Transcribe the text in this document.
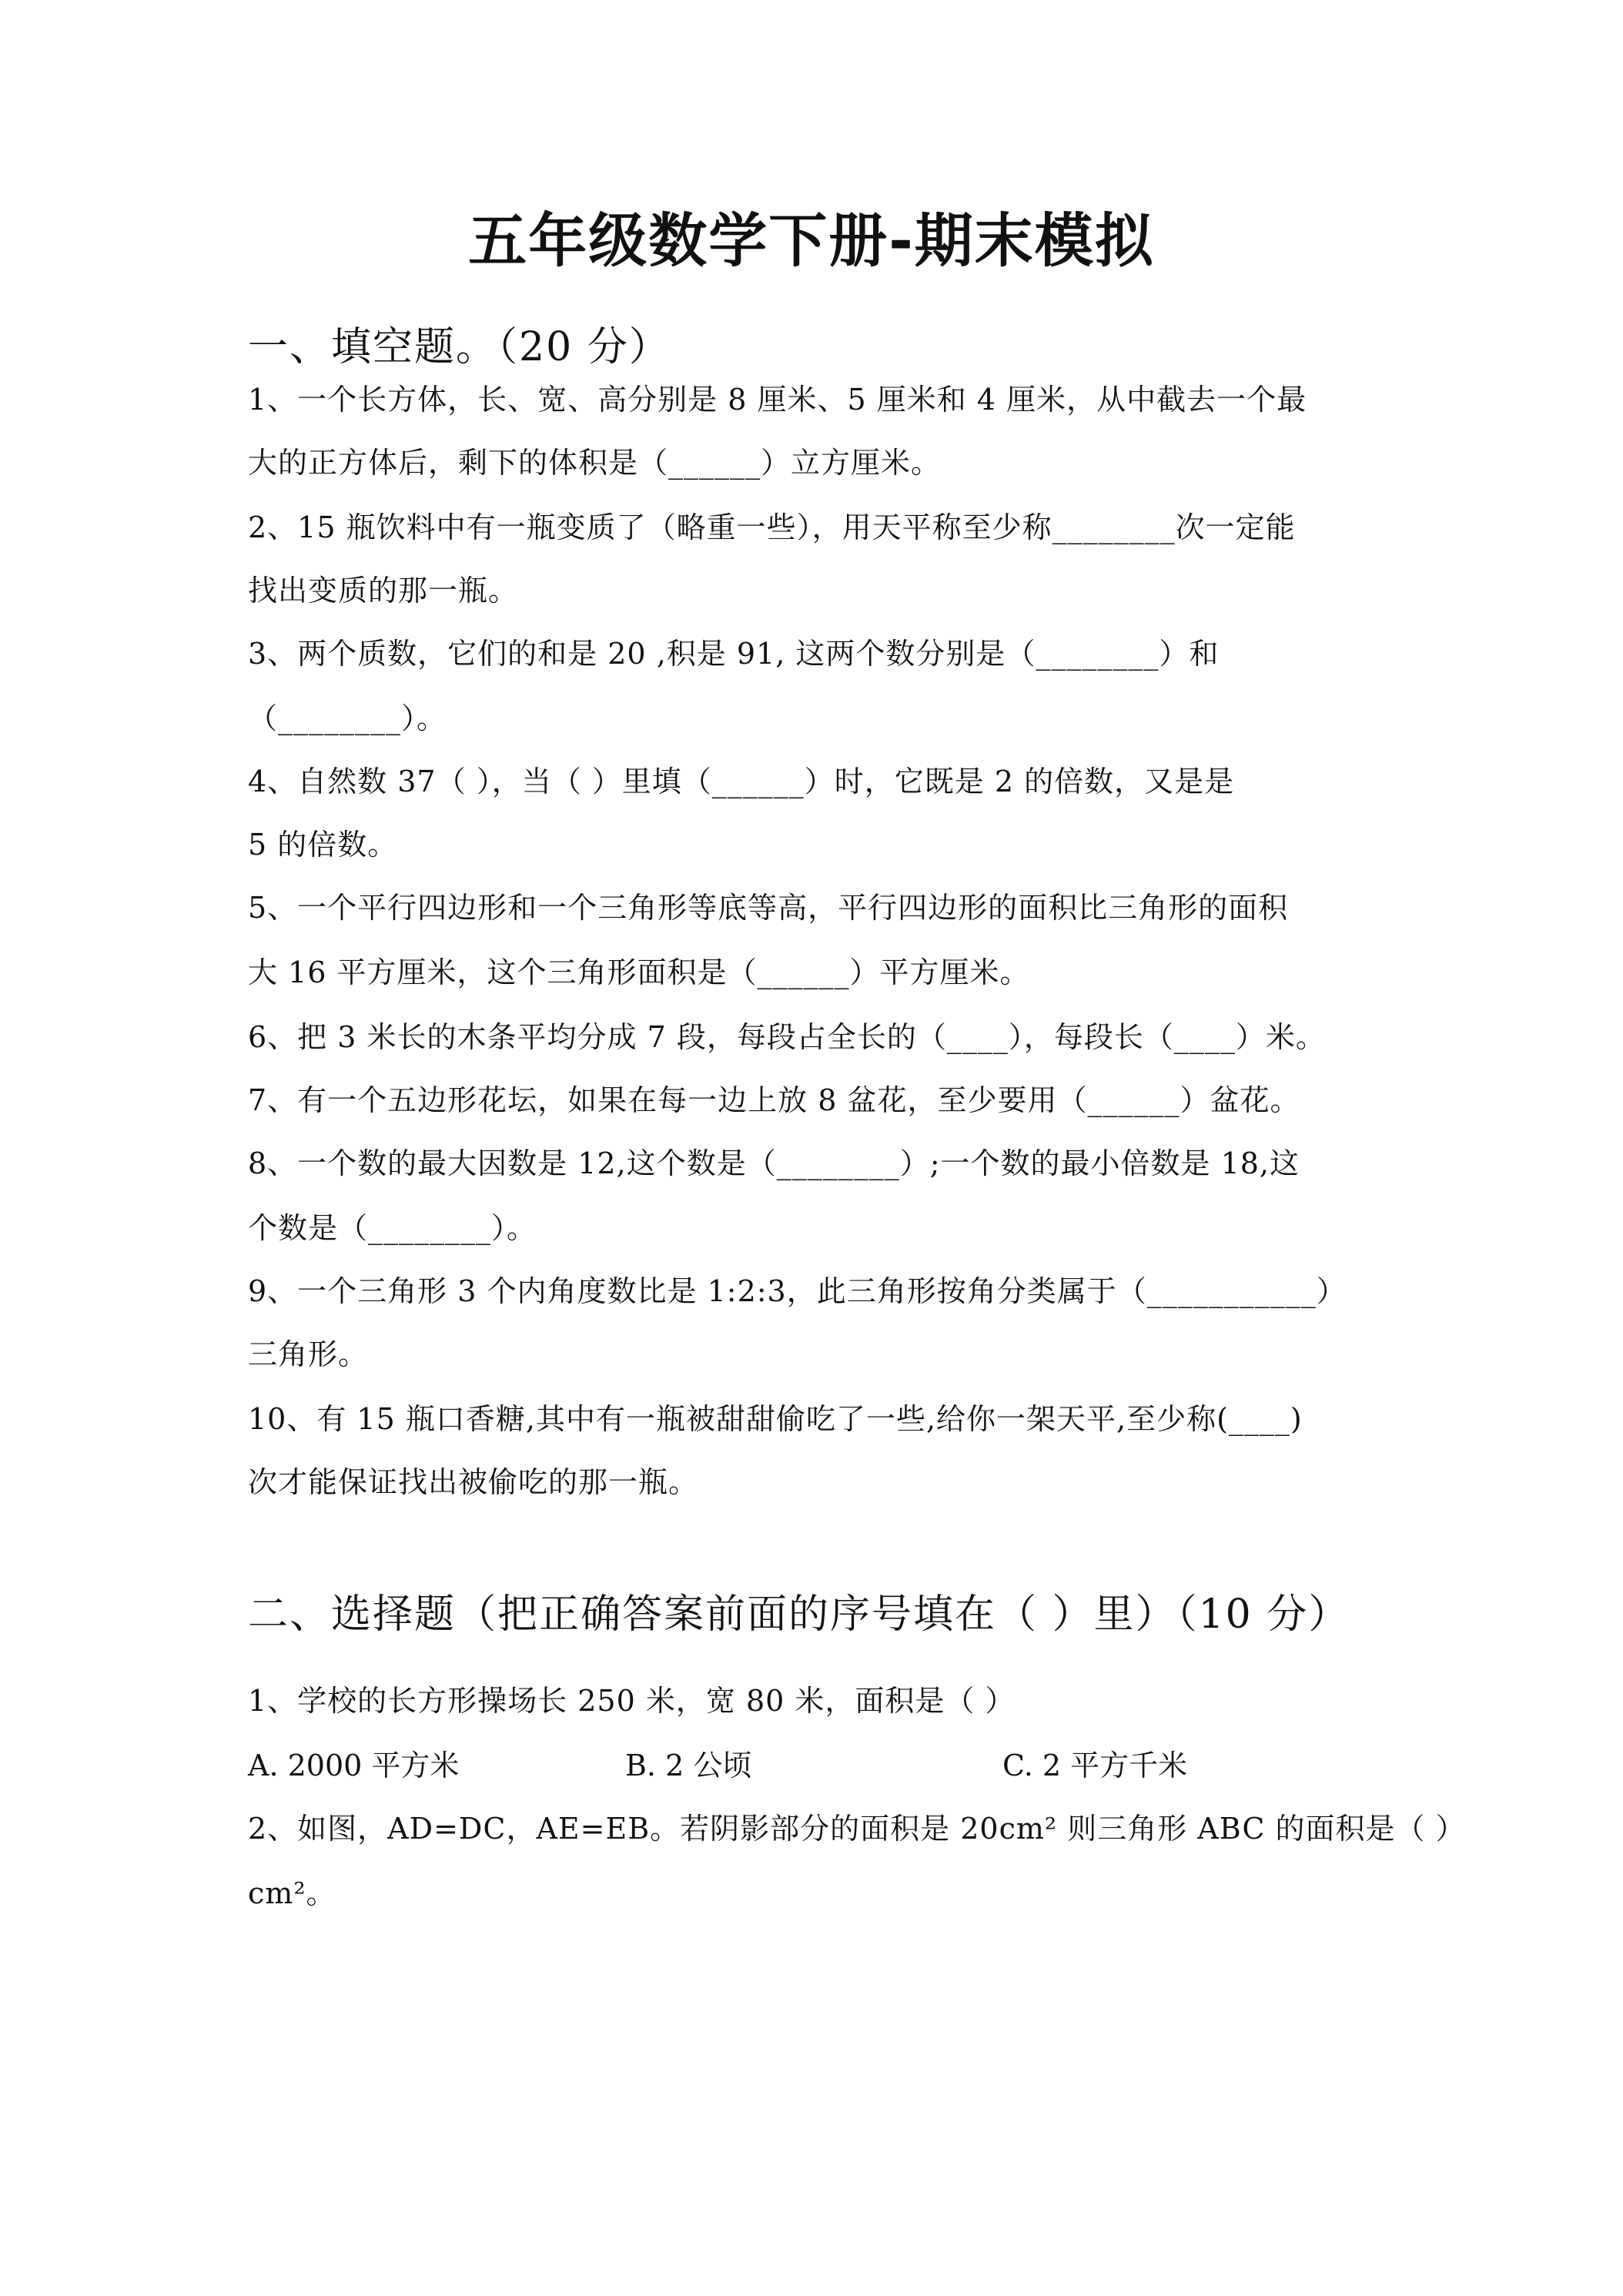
五年级数学下册-期末模拟
一、填空题。（20 分）
1、一个长方体，长、宽、高分别是 8 厘米、5 厘米和 4 厘米，从中截去一个最
大的正方体后，剩下的体积是（______）立方厘米。
2、15 瓶饮料中有一瓶变质了（略重一些），用天平称至少称________次一定能
找出变质的那一瓶。
3、两个质数，它们的和是 20 ,积是 91, 这两个数分别是（________）和
（________）。
4、自然数 37（ ），当（ ）里填（______）时，它既是 2 的倍数，又是是
5 的倍数。
5、一个平行四边形和一个三角形等底等高，平行四边形的面积比三角形的面积
大 16 平方厘米，这个三角形面积是（______）平方厘米。
6、把 3 米长的木条平均分成 7 段，每段占全长的（____），每段长（____）米。
7、有一个五边形花坛，如果在每一边上放 8 盆花，至少要用（______）盆花。
8、一个数的最大因数是 12,这个数是（________）;一个数的最小倍数是 18,这
个数是（________）。
9、一个三角形 3 个内角度数比是 1:2:3，此三角形按角分类属于（___________）
三角形。
10、有 15 瓶口香糖,其中有一瓶被甜甜偷吃了一些,给你一架天平,至少称(____)
次才能保证找出被偷吃的那一瓶。
二、选择题（把正确答案前面的序号填在（ ）里）（10 分）
1、学校的长方形操场长 250 米，宽 80 米，面积是（ ）
A. 2000 平方米	B. 2 公顷	C. 2 平方千米
2、如图，AD=DC，AE=EB。若阴影部分的面积是 20cm² 则三角形 ABC 的面积是（ ）
cm²。
